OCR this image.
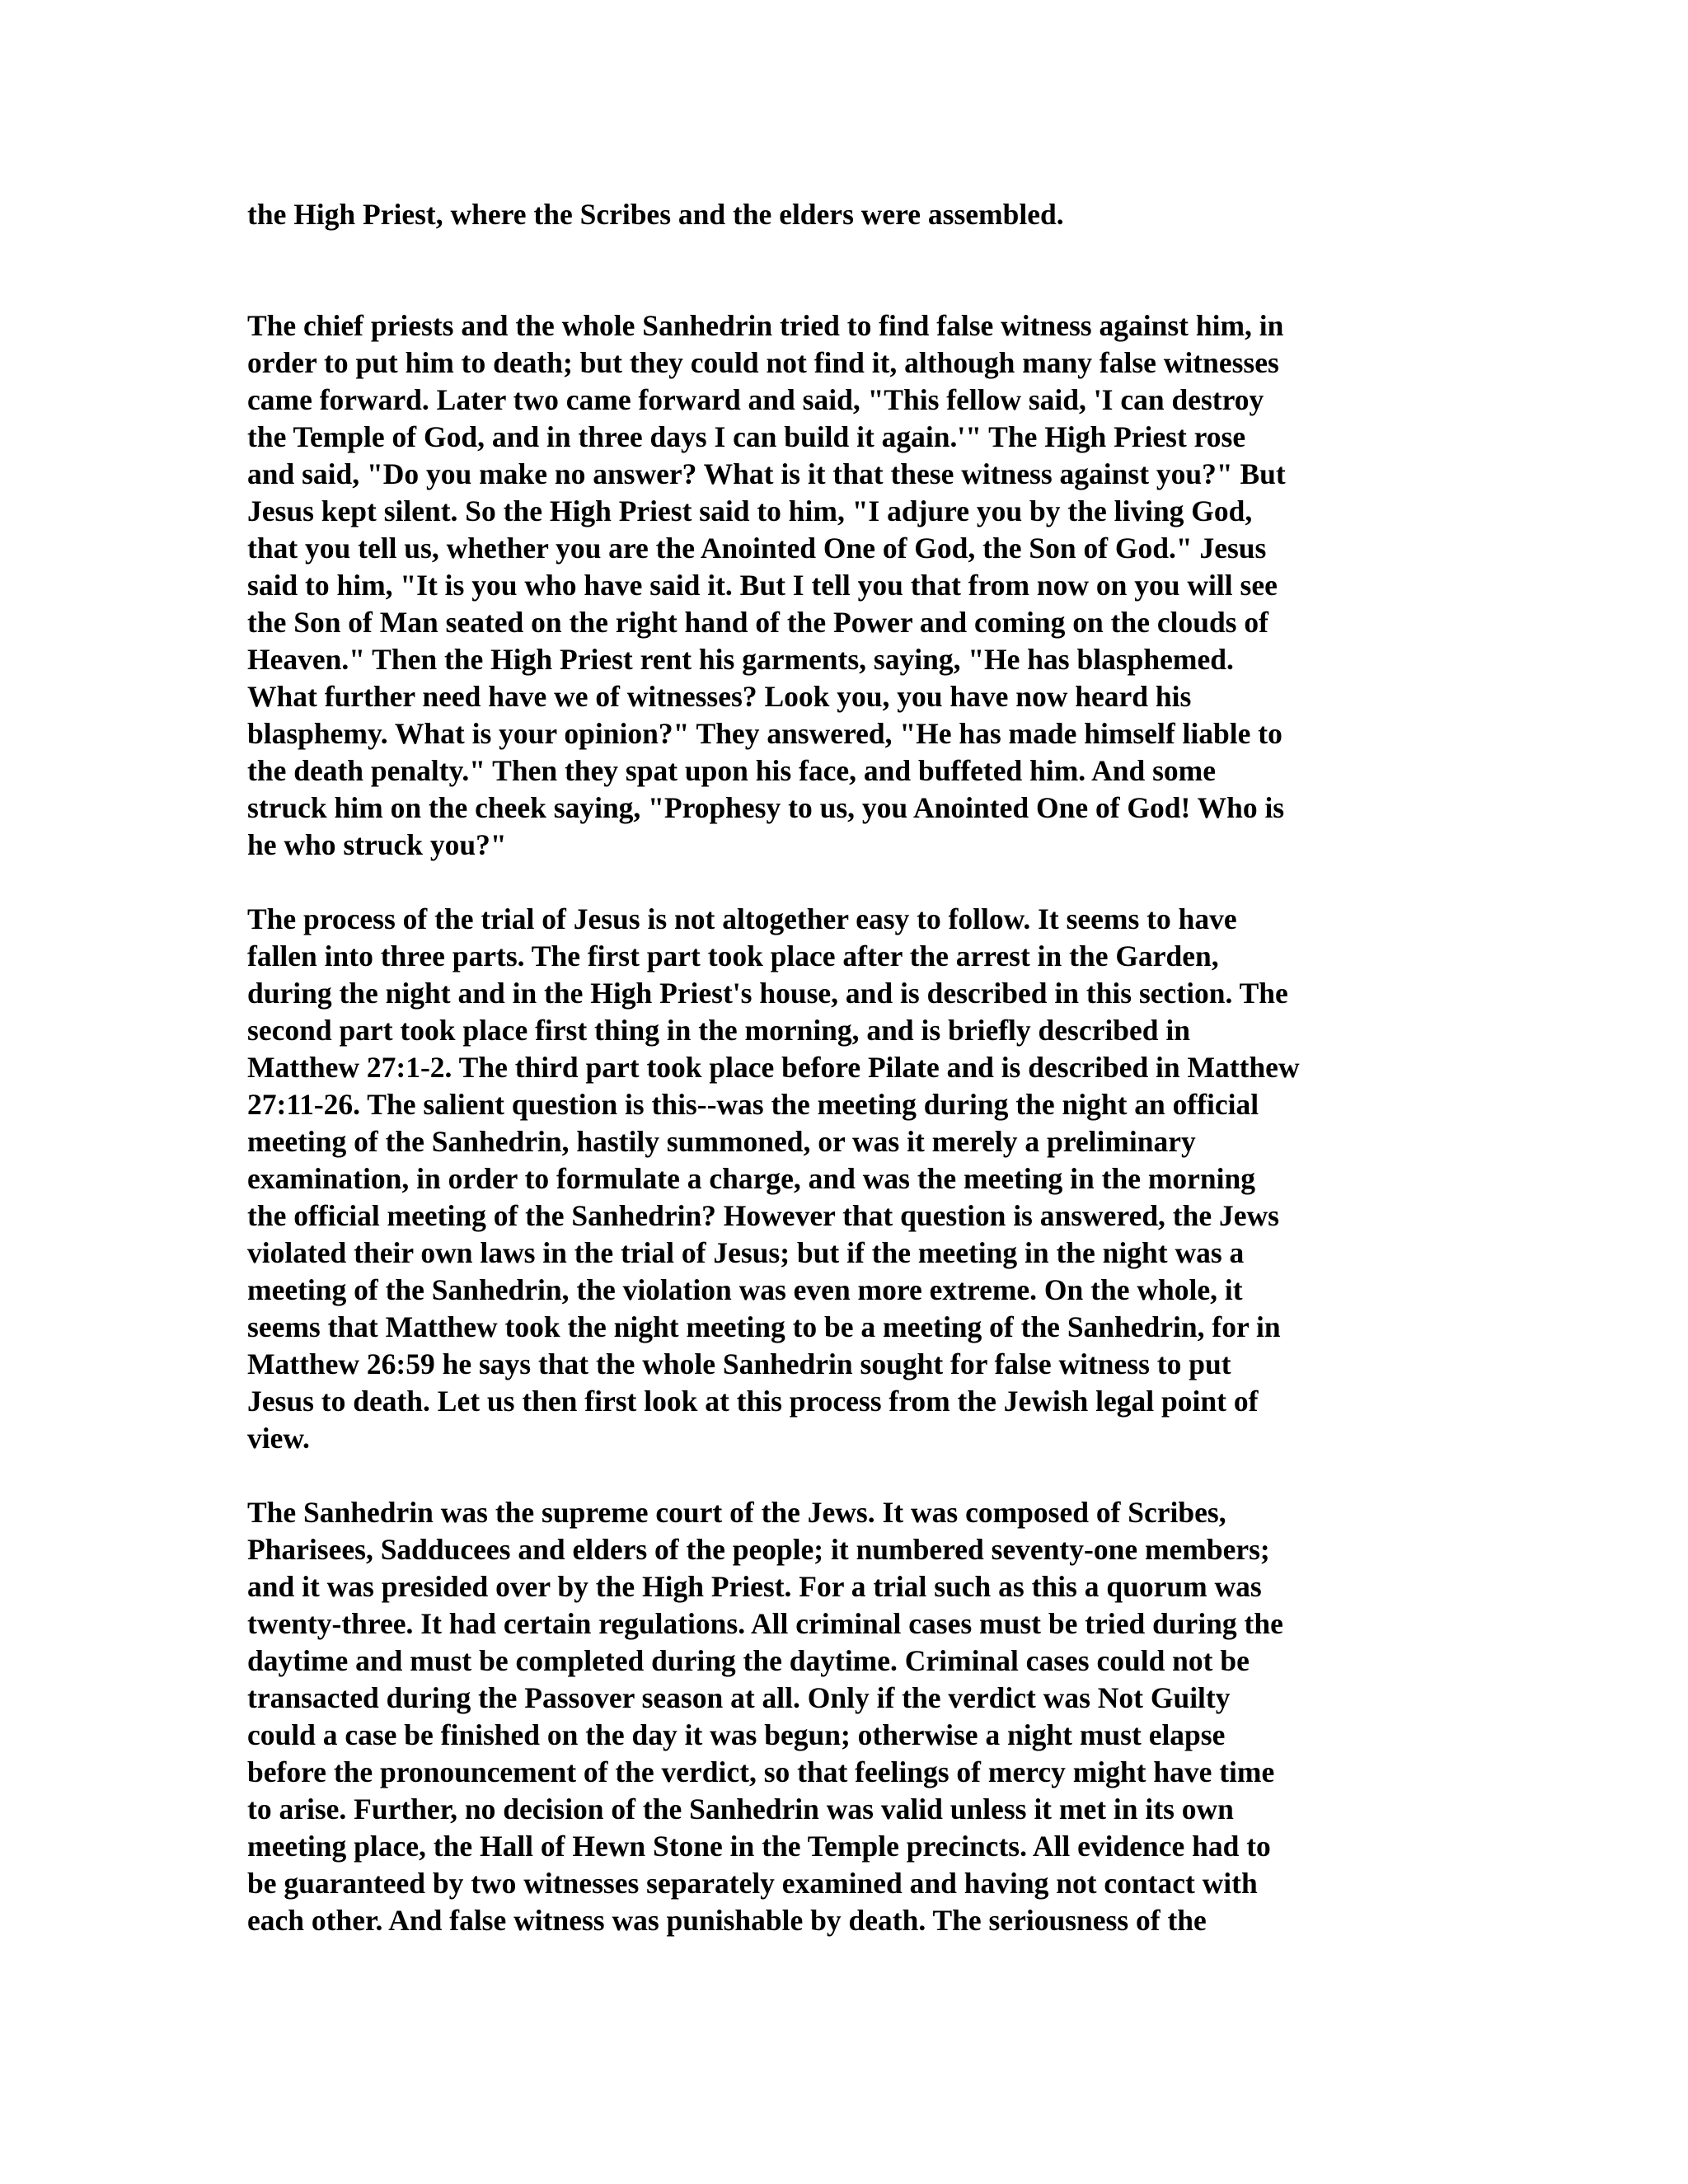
the High Priest, where the Scribes and the elders were assembled.

The chief priests and the whole Sanhedrin tried to find false witness against him, in
order to put him to death; but they could not find it, although many false witnesses
came forward. Later two came forward and said, "This fellow said, 'I can destroy
the Temple of God, and in three days I can build it again.'" The High Priest rose
and said, "Do you make no answer? What is it that these witness against you?" But
Jesus kept silent. So the High Priest said to him, "I adjure you by the living God,
that you tell us, whether you are the Anointed One of God, the Son of God." Jesus
said to him, "It is you who have said it. But I tell you that from now on you will see
the Son of Man seated on the right hand of the Power and coming on the clouds of
Heaven." Then the High Priest rent his garments, saying, "He has blasphemed.
What further need have we of witnesses? Look you, you have now heard his
blasphemy. What is your opinion?" They answered, "He has made himself liable to
the death penalty." Then they spat upon his face, and buffeted him. And some
struck him on the cheek saying, "Prophesy to us, you Anointed One of God! Who is
he who struck you?"

The process of the trial of Jesus is not altogether easy to follow. It seems to have
fallen into three parts. The first part took place after the arrest in the Garden,
during the night and in the High Priest's house, and is described in this section. The
second part took place first thing in the morning, and is briefly described in
Matthew 27:1-2. The third part took place before Pilate and is described in Matthew
27:11-26. The salient question is this--was the meeting during the night an official
meeting of the Sanhedrin, hastily summoned, or was it merely a preliminary
examination, in order to formulate a charge, and was the meeting in the morning
the official meeting of the Sanhedrin? However that question is answered, the Jews
violated their own laws in the trial of Jesus; but if the meeting in the night was a
meeting of the Sanhedrin, the violation was even more extreme. On the whole, it
seems that Matthew took the night meeting to be a meeting of the Sanhedrin, for in
Matthew 26:59 he says that the whole Sanhedrin sought for false witness to put
Jesus to death. Let us then first look at this process from the Jewish legal point of
view.

The Sanhedrin was the supreme court of the Jews. It was composed of Scribes,
Pharisees, Sadducees and elders of the people; it numbered seventy-one members;
and it was presided over by the High Priest. For a trial such as this a quorum was
twenty-three. It had certain regulations. All criminal cases must be tried during the
daytime and must be completed during the daytime. Criminal cases could not be
transacted during the Passover season at all. Only if the verdict was Not Guilty
could a case be finished on the day it was begun; otherwise a night must elapse
before the pronouncement of the verdict, so that feelings of mercy might have time
to arise. Further, no decision of the Sanhedrin was valid unless it met in its own
meeting place, the Hall of Hewn Stone in the Temple precincts. All evidence had to
be guaranteed by two witnesses separately examined and having not contact with
each other. And false witness was punishable by death. The seriousness of the
